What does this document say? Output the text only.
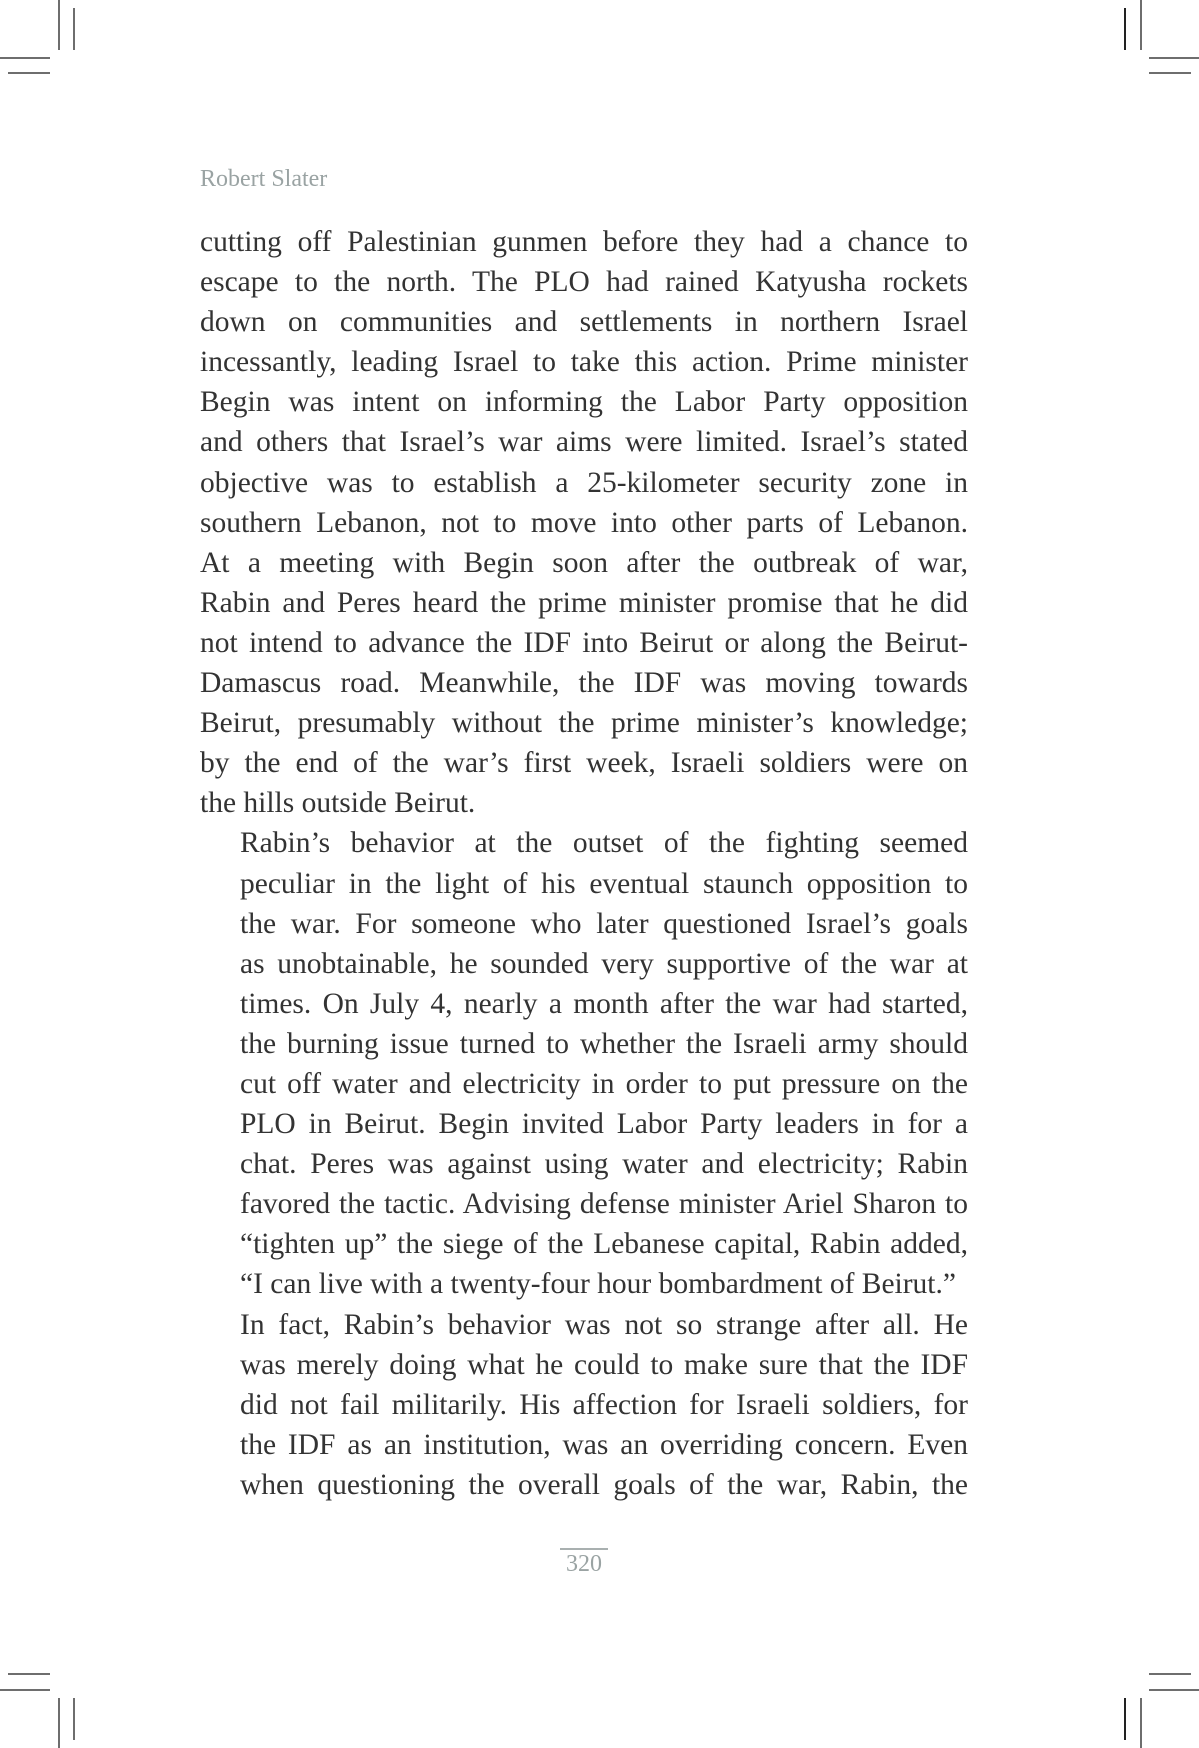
Robert Slater

cutting off Palestinian gunmen before they had a chance to
escape to the north. The PLO had rained Katyusha rockets
down on communities and settlements in northern Israel
incessantly, leading Israel to take this action. Prime minister
Begin was intent on informing the Labor Party opposition
and others that Israel’s war aims were limited. Israel’s stated
objective was to establish a 25-kilometer security zone in
southern Lebanon, not to move into other parts of Lebanon.
At a meeting with Begin soon after the outbreak of war,
Rabin and Peres heard the prime minister promise that he did
not intend to advance the IDF into Beirut or along the Beirut-
Damascus road. Meanwhile, the IDF was moving towards
Beirut, presumably without the prime minister’s knowledge;
by the end of the war’s first week, Israeli soldiers were on
the hills outside Beirut.

Rabin’s behavior at the outset of the fighting seemed
peculiar in the light of his eventual staunch opposition to
the war. For someone who later questioned Israel’s goals
as unobtainable, he sounded very supportive of the war at
times. On July 4, nearly a month after the war had started,
the burning issue turned to whether the Israeli army should
cut off water and electricity in order to put pressure on the
PLO in Beirut. Begin invited Labor Party leaders in for a
chat. Peres was against using water and electricity; Rabin
favored the tactic. Advising defense minister Ariel Sharon to
“tighten up” the siege of the Lebanese capital, Rabin added,
“I can live with a twenty-four hour bombardment of Beirut.”

In fact, Rabin’s behavior was not so strange after all. He
was merely doing what he could to make sure that the IDF
did not fail militarily. His affection for Israeli soldiers, for
the IDF as an institution, was an overriding concern. Even
when questioning the overall goals of the war, Rabin, the

320
